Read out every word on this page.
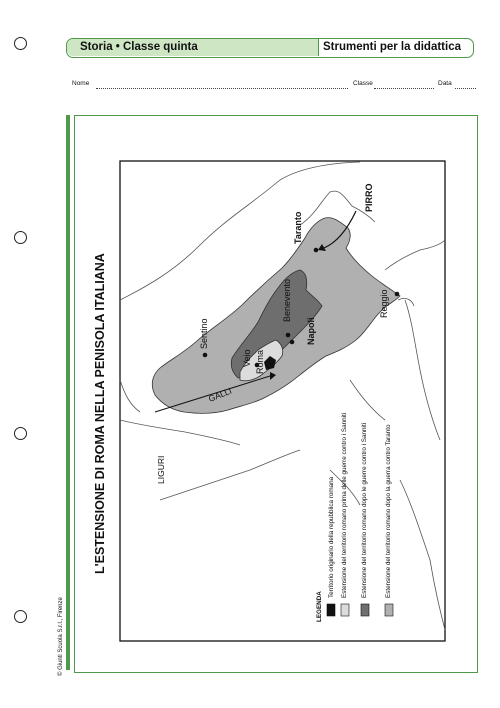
Storia • Classe quinta	Strumenti per la didattica
Nome	Classe	Data
L'ESTENSIONE DI ROMA NELLA PENISOLA ITALIANA
Taranto
PIRRO
Benevento
Sentino
Veio Roma
Napoli
Reggio
GALLI
LIGURI
LEGENDA
Territorio originario della repubblica romana Estensione del territorio romano prima delle guerre contro i Sanniti Estensione del territorio romano dopo le guerre contro i Sanniti	Estensione del territorio romano dopo la guerra contro Taranto
© Giunti Scuola S.r.l., Firenze
